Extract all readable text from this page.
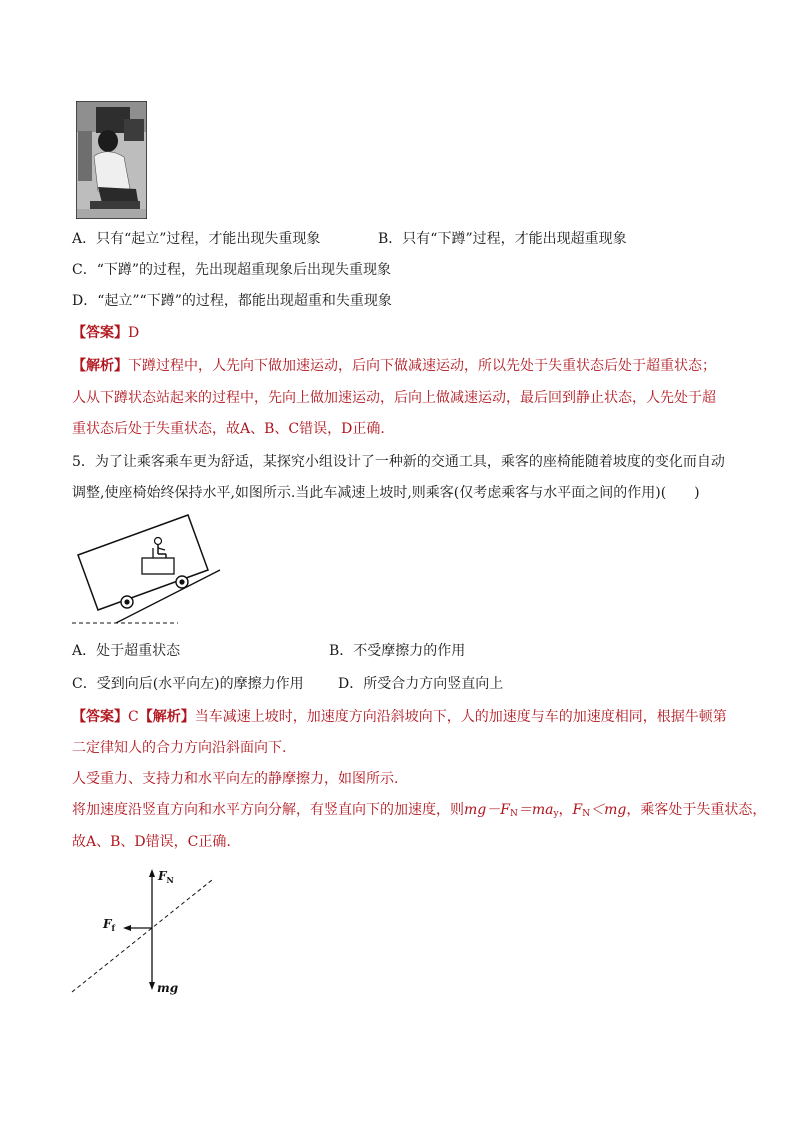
A．只有“起立”过程，才能出现失重现象	B．只有“下蹲”过程，才能出现超重现象
C．“下蹲”的过程，先出现超重现象后出现失重现象
D．“起立”“下蹲”的过程，都能出现超重和失重现象
【答案】D
【解析】下蹲过程中，人先向下做加速运动，后向下做减速运动，所以先处于失重状态后处于超重状态；
人从下蹲状态站起来的过程中，先向上做加速运动，后向上做减速运动，最后回到静止状态，人先处于超
重状态后处于失重状态，故A、B、C错误，D正确.
5．为了让乘客乘车更为舒适，某探究小组设计了一种新的交通工具，乘客的座椅能随着坡度的变化而自动
调整,使座椅始终保持水平,如图所示.当此车减速上坡时,则乘客(仅考虑乘客与水平面之间的作用)(　　)
A．处于超重状态	B．不受摩擦力的作用
C．受到向后(水平向左)的摩擦力作用 D．所受合力方向竖直向上
【答案】C【解析】当车减速上坡时，加速度方向沿斜坡向下，人的加速度与车的加速度相同，根据牛顿第
二定律知人的合力方向沿斜面向下.
人受重力、支持力和水平向左的静摩擦力，如图所示.
将加速度沿竖直方向和水平方向分解，有竖直向下的加速度，则$mg-F_N=ma_y$，$F_N<mg$，乘客处于失重状态，
故A、B、D错误，C正确.
$F_N$
$F_f$
mg
